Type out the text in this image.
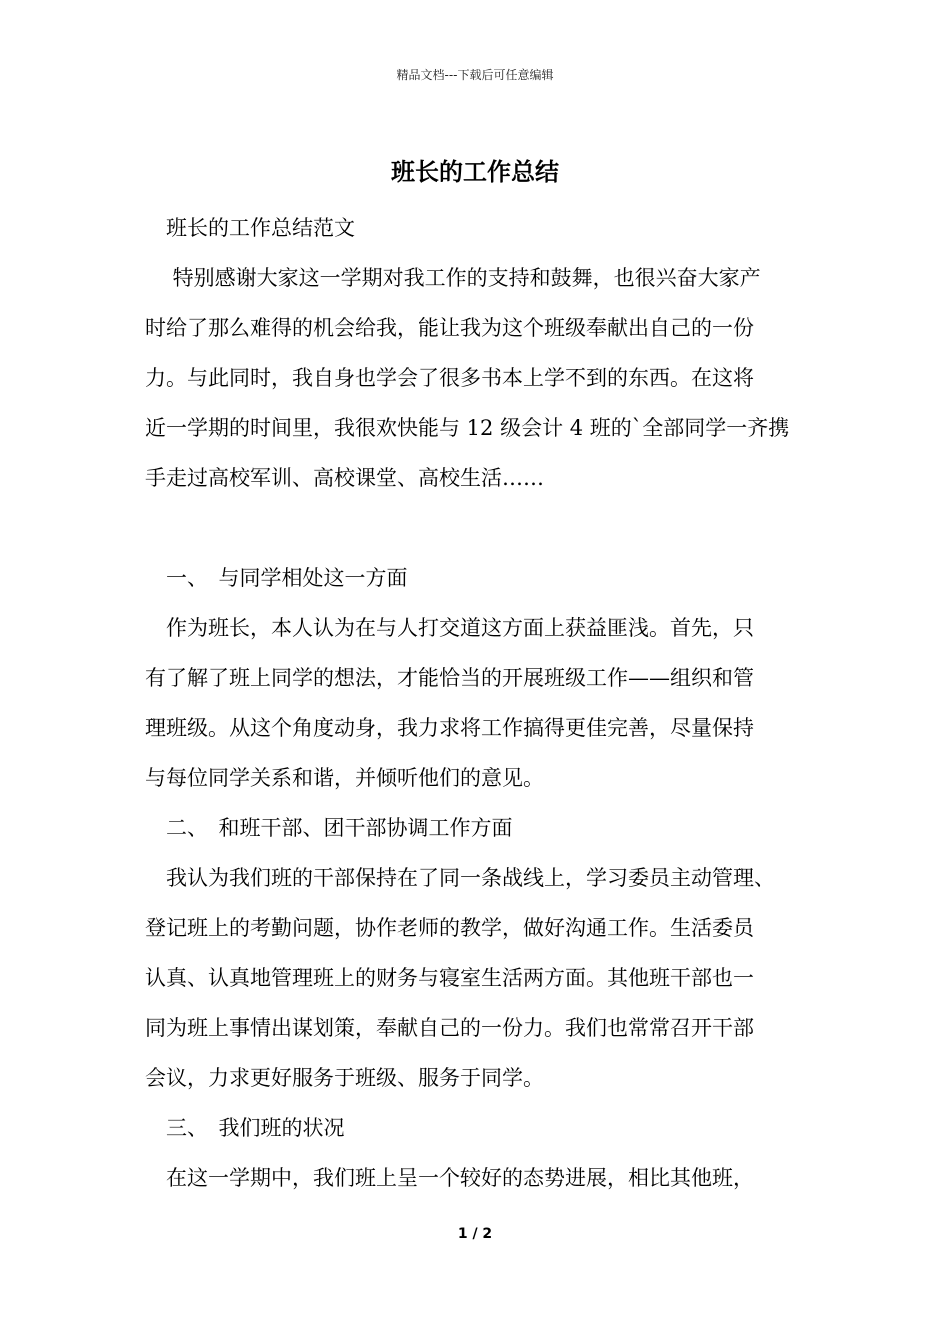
精品文档---下载后可任意编辑
班长的工作总结
　班长的工作总结范文
　 特别感谢大家这一学期对我工作的支持和鼓舞，也很兴奋大家产
时给了那么难得的机会给我，能让我为这个班级奉献出自己的一份
力。与此同时，我自身也学会了很多书本上学不到的东西。在这将
近一学期的时间里，我很欢快能与 12 级会计 4 班的`全部同学一齐携
手走过高校军训、高校课堂、高校生活……
　一、　与同学相处这一方面
　作为班长，本人认为在与人打交道这方面上获益匪浅。首先，只
有了解了班上同学的想法，才能恰当的开展班级工作——组织和管
理班级。从这个角度动身，我力求将工作搞得更佳完善，尽量保持
与每位同学关系和谐，并倾听他们的意见。
　二、　和班干部、团干部协调工作方面
　我认为我们班的干部保持在了同一条战线上，学习委员主动管理、
登记班上的考勤问题，协作老师的教学，做好沟通工作。生活委员
认真、认真地管理班上的财务与寝室生活两方面。其他班干部也一
同为班上事情出谋划策，奉献自己的一份力。我们也常常召开干部
会议，力求更好服务于班级、服务于同学。
　三、　我们班的状况
　在这一学期中，我们班上呈一个较好的态势进展，相比其他班，
1 / 2
